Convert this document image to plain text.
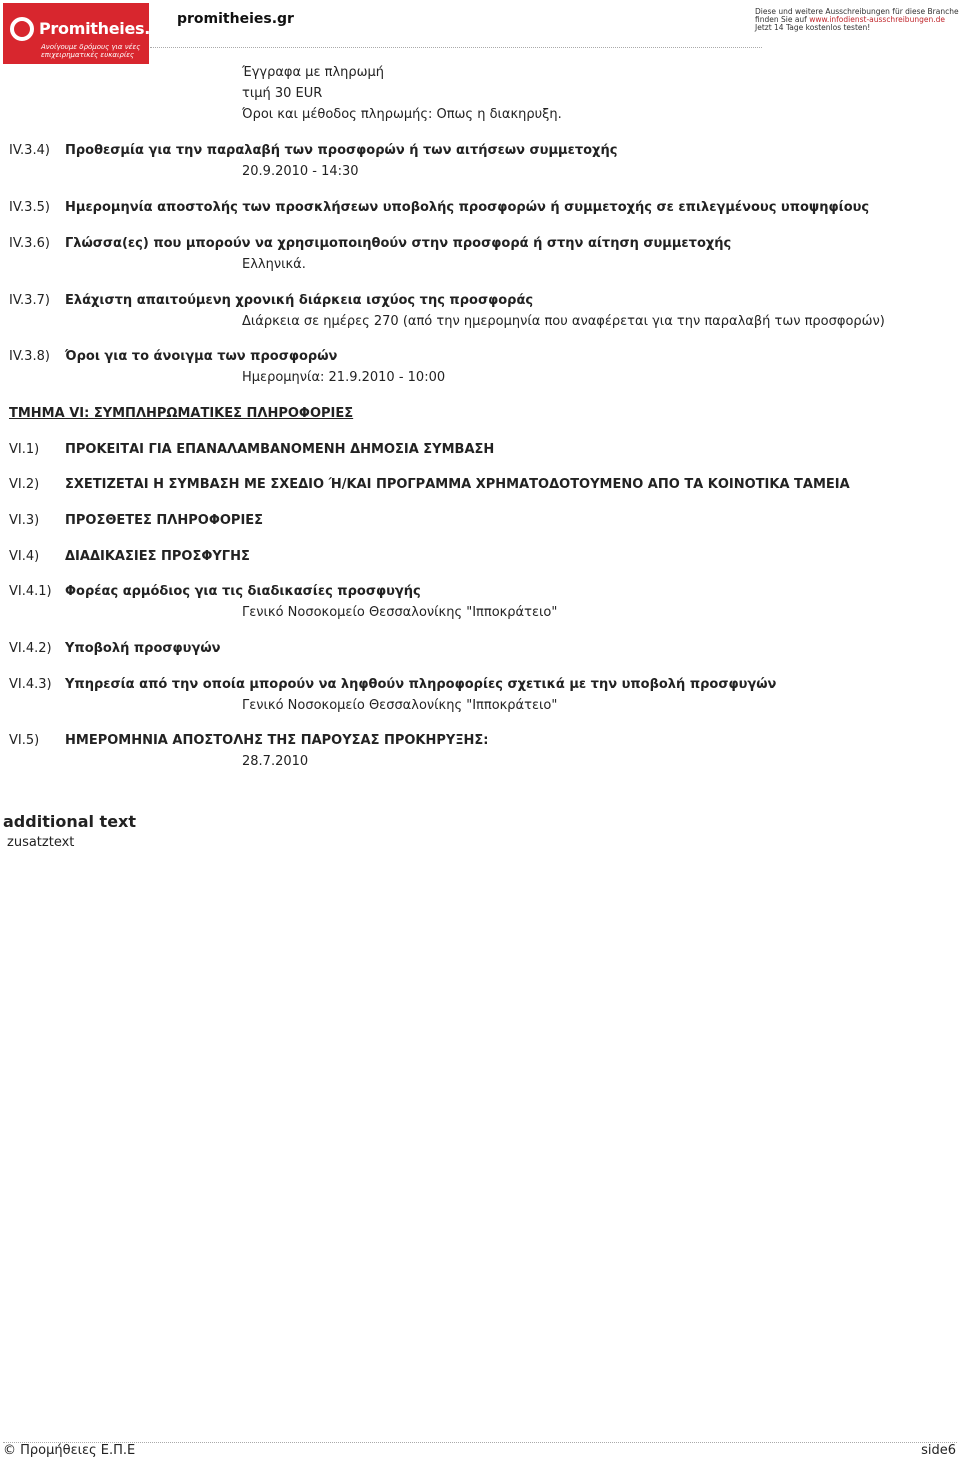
Promitheies.gr
Ανοίγουμε δρόμους για νέες επιχειρηματικές ευκαιρίες
promitheies.gr	Diese und weitere Ausschreibungen für diese Branche finden Sie auf www.infodienst-ausschreibungen.de Jetzt 14 Tage kostenlos testen!
Έγγραφα με πληρωμή
τιμή 30 EUR
Όροι και μέθοδος πληρωμής: Οπως η διακηρυξη.
IV.3.4) Προθεσμία για την παραλαβή των προσφορών ή των αιτήσεων συμμετοχής
20.9.2010 - 14:30
IV.3.5) Ημερομηνία αποστολής των προσκλήσεων υποβολής προσφορών ή συμμετοχής σε επιλεγμένους υποψηφίους
IV.3.6) Γλώσσα(ες) που μπορούν να χρησιμοποιηθούν στην προσφορά ή στην αίτηση συμμετοχής
Ελληνικά.
IV.3.7) Ελάχιστη απαιτούμενη χρονική διάρκεια ισχύος της προσφοράς
Διάρκεια σε ημέρες 270 (από την ημερομηνία που αναφέρεται για την παραλαβή των προσφορών)
IV.3.8) Όροι για το άνοιγμα των προσφορών
Ημερομηνία: 21.9.2010 - 10:00
VI.1) ΠΡΟΚΕΙΤΑΙ ΓΙΑ ΕΠΑΝΑΛΑΜΒΑΝΟΜΕΝΗ ΔΗΜΟΣΙΑ ΣΥΜΒΑΣΗ
VI.2) ΣΧΕΤΙΖΕΤΑΙ Η ΣΥΜΒΑΣΗ ΜΕ ΣΧΕΔΙΟ Ή/ΚΑΙ ΠΡΟΓΡΑΜΜΑ ΧΡΗΜΑΤΟΔΟΤΟΥΜΕΝΟ ΑΠΟ ΤΑ ΚΟΙΝΟΤΙΚΑ ΤΑΜΕΙΑ
VI.3) ΠΡΟΣΘΕΤΕΣ ΠΛΗΡΟΦΟΡΙΕΣ
VI.4) ΔΙΑΔΙΚΑΣΙΕΣ ΠΡΟΣΦΥΓΗΣ
VI.4.1) Φορέας αρμόδιος για τις διαδικασίες προσφυγής
Γενικό Νοσοκομείο Θεσσαλονίκης "Ιπποκράτειο"
VI.4.2) Υποβολή προσφυγών
VI.4.3) Υπηρεσία από την οποία μπορούν να ληφθούν πληροφορίες σχετικά με την υποβολή προσφυγών
Γενικό Νοσοκομείο Θεσσαλονίκης "Ιπποκράτειο"
VI.5) ΗΜΕΡΟΜΗΝΙΑ ΑΠΟΣΤΟΛΗΣ ΤΗΣ ΠΑΡΟΥΣΑΣ ΠΡΟΚΗΡΥΞΗΣ:
28.7.2010
ΤΜΗΜΑ VI: ΣΥΜΠΛΗΡΩΜΑΤΙΚΕΣ ΠΛΗΡΟΦΟΡΙΕΣ
additional text
zusatztext
© Προμήθειες Ε.Π.Ε	side6
